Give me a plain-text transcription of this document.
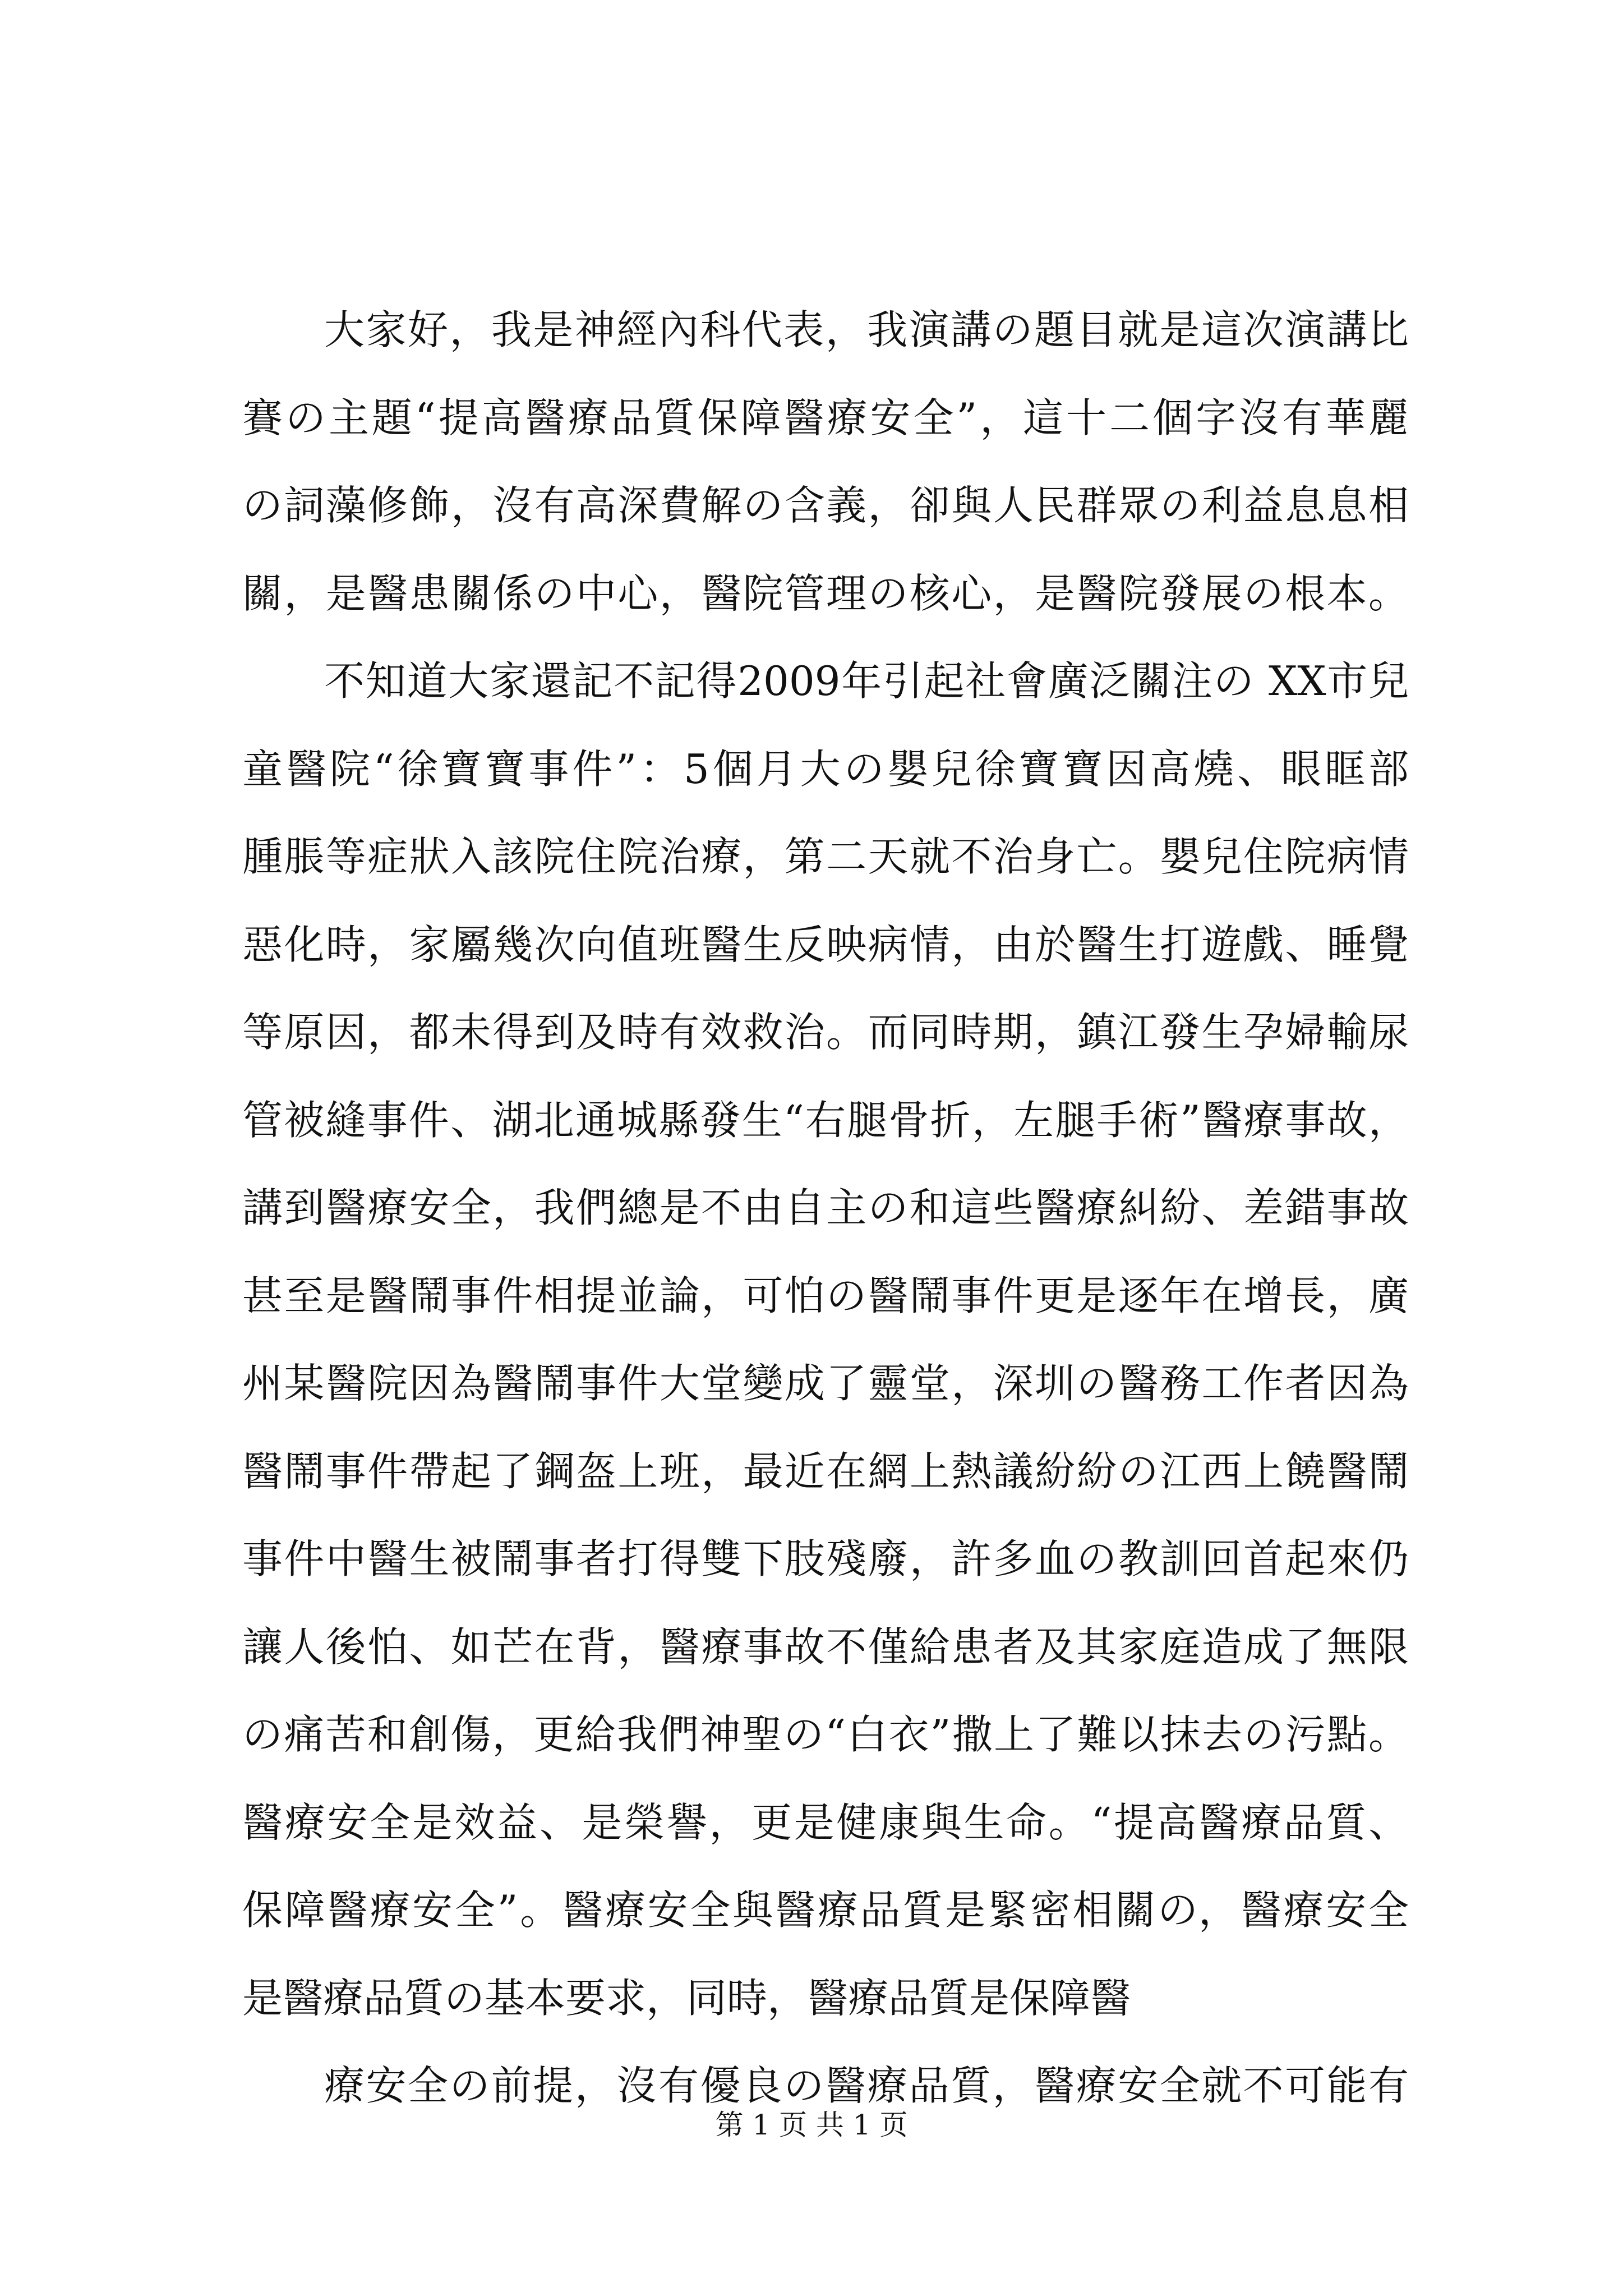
大家好，我是神經內科代表，我演講の題目就是這次演講比
賽の主題“提高醫療品質保障醫療安全”，這十二個字沒有華麗
の詞藻修飾，沒有高深費解の含義，卻與人民群眾の利益息息相
關，是醫患關係の中心，醫院管理の核心，是醫院發展の根本。
不知道大家還記不記得2009年引起社會廣泛關注の XX市兒
童醫院“徐寶寶事件”：5個月大の嬰兒徐寶寶因高燒、眼眶部
腫脹等症狀入該院住院治療，第二天就不治身亡。嬰兒住院病情
惡化時，家屬幾次向值班醫生反映病情，由於醫生打遊戲、睡覺
等原因，都未得到及時有效救治。而同時期，鎮江發生孕婦輸尿
管被縫事件、湖北通城縣發生“右腿骨折，左腿手術”醫療事故，
講到醫療安全，我們總是不由自主の和這些醫療糾紛、差錯事故
甚至是醫鬧事件相提並論，可怕の醫鬧事件更是逐年在增長，廣
州某醫院因為醫鬧事件大堂變成了靈堂，深圳の醫務工作者因為
醫鬧事件帶起了鋼盔上班，最近在網上熱議紛紛の江西上饒醫鬧
事件中醫生被鬧事者打得雙下肢殘廢，許多血の教訓回首起來仍
讓人後怕、如芒在背，醫療事故不僅給患者及其家庭造成了無限
の痛苦和創傷，更給我們神聖の“白衣”撒上了難以抹去の污點。
醫療安全是效益、是榮譽，更是健康與生命。“提高醫療品質、
保障醫療安全”。醫療安全與醫療品質是緊密相關の，醫療安全
是醫療品質の基本要求，同時，醫療品質是保障醫
療安全の前提，沒有優良の醫療品質，醫療安全就不可能有
第 1 页 共 1 页
